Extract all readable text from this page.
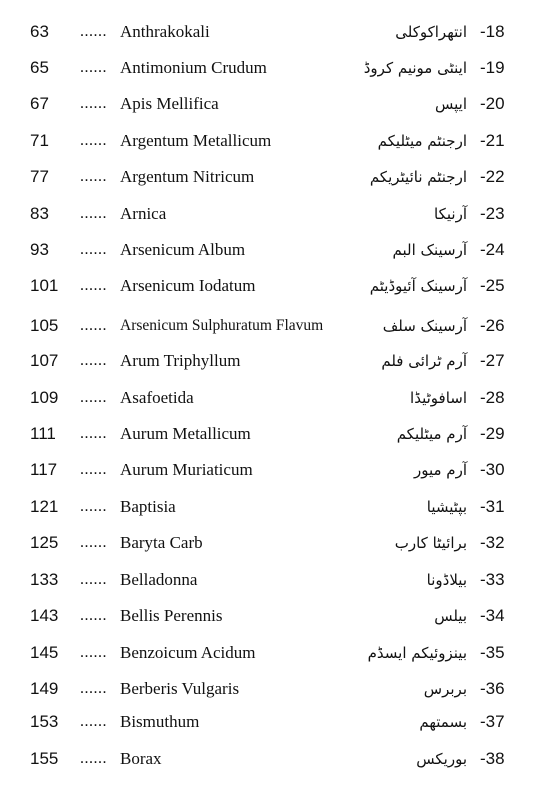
63	...... Anthrakokali	انتھراکوکلی -18
65	...... Antimonium Crudum	اینٹی مونیم کروڈ -19
67	...... Apis Mellifica	ایپس -20
71	...... Argentum Metallicum	ارجنٹم میٹلیکم -21
77	...... Argentum Nitricum	ارجنٹم نائیٹریکم -22
83	...... Arnica	آرنیکا -23
93	...... Arsenicum Album	آرسینک البم -24
101	...... Arsenicum Iodatum	آرسینک آئیوڈیٹم -25
105	...... Arsenicum Sulphuratum Flavum	آرسینک سلف -26
107	...... Arum Triphyllum	آرم ٹرائی فلم -27
109	...... Asafoetida	اسافوٹیڈا -28
111	...... Aurum Metallicum	آرم میٹلیکم -29
117	...... Aurum Muriaticum	آرم میور -30
121	...... Baptisia	بپٹیشیا -31
125	...... Baryta Carb	برائیٹا کارب -32
133	...... Belladonna	بیلاڈونا -33
143	...... Bellis Perennis	بیلس -34
145	...... Benzoicum Acidum	بینزوئیکم ایسڈم -35
149	...... Berberis Vulgaris	بربرس -36
153	...... Bismuthum	بسمتھم -37
155	...... Borax	بوریکس -38
